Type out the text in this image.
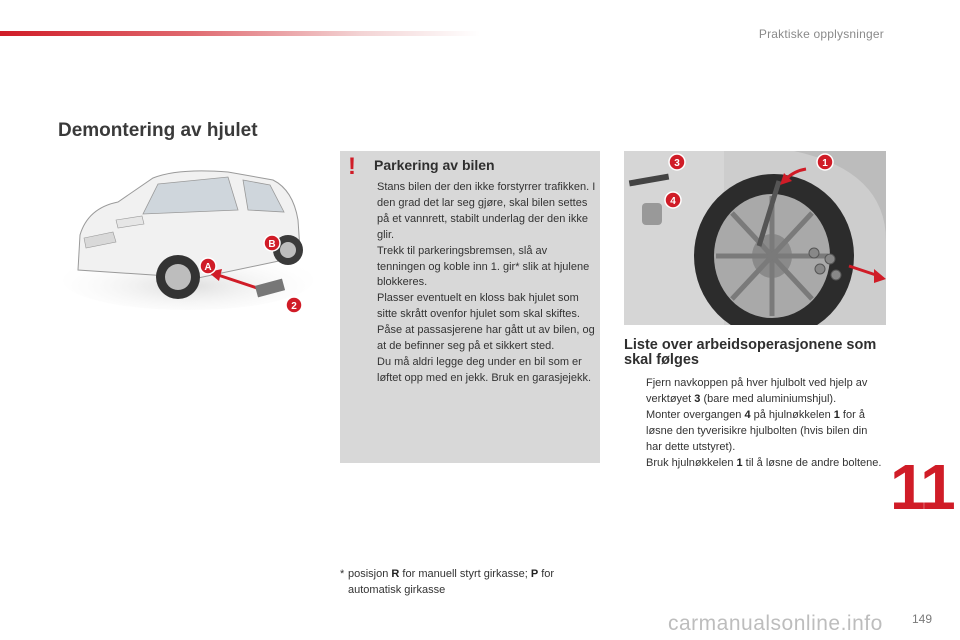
Praktiske opplysninger
Demontering av hjulet
A
B
2
! Parkering av bilen

Stans bilen der den ikke forstyrrer trafikken. I den grad det lar seg gjøre, skal bilen settes på et vannrett, stabilt underlag der den ikke glir.

Trekk til parkeringsbremsen, slå av tenningen og koble inn 1. gir* slik at hjulene blokkeres.

Plasser eventuelt en kloss bak hjulet som sitte skrått ovenfor hjulet som skal skiftes.

Påse at passasjerene har gått ut av bilen, og at de befinner seg på et sikkert sted.

Du må aldri legge deg under en bil som er løftet opp med en jekk. Bruk en garasjejekk.

3
4
1
Liste over arbeidsoperasjonene som skal følges
Fjern navkoppen på hver hjulbolt ved hjelp av verktøyet 3 (bare med aluminiumshjul).
Monter overgangen 4 på hjulnøkkelen 1 for å løsne den tyverisikre hjulbolten (hvis bilen din har dette utstyret).
Bruk hjulnøkkelen 1 til å løsne de andre boltene.
* posisjon R for manuell styrt girkasse; P for automatisk girkasse
11
carmanualsonline.info 149
